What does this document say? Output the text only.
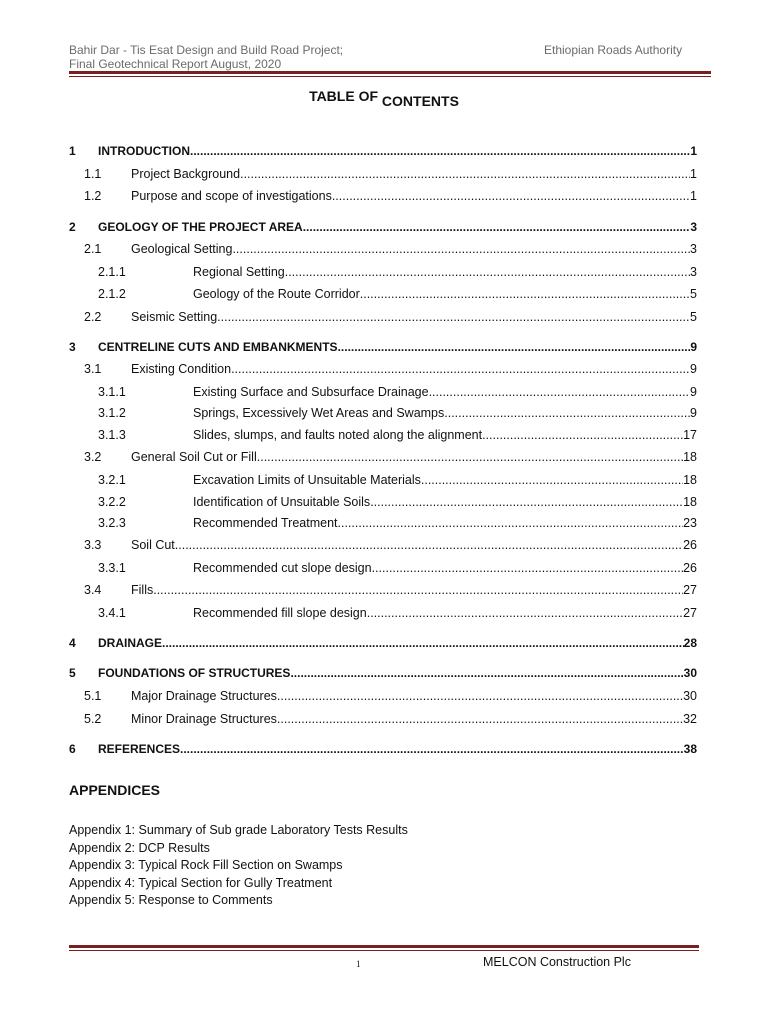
Bahir Dar - Tis Esat Design and Build Road Project;
Final Geotechnical Report August, 2020
Ethiopian Roads Authority
TABLE OF CONTENTS
1 INTRODUCTION .....	1
1.1 Project Background .....	1
1.2 Purpose and scope of investigations .....	1
2 GEOLOGY OF THE PROJECT AREA .....	3
2.1 Geological Setting .....	3
2.1.1	Regional Setting .....	3
2.1.2	Geology of the Route Corridor .....	5
2.2 Seismic Setting .....	5
3 CENTRELINE CUTS AND EMBANKMENTS .....	9
3.1 Existing Condition .....	9
3.1.1	Existing Surface and Subsurface Drainage .....	9
3.1.2	Springs, Excessively Wet Areas and Swamps .....	9
3.1.3	Slides, slumps, and faults noted along the alignment .....	17
3.2 General Soil Cut or Fill .....	18
3.2.1	Excavation Limits of Unsuitable Materials .....	18
3.2.2	Identification of Unsuitable Soils .....	18
3.2.3	Recommended Treatment .....	23
3.3 Soil Cut .....	26
3.3.1	Recommended cut slope design .....	26
3.4 Fills .....	27
3.4.1	Recommended fill slope design .....	27
4 DRAINAGE .....	28
5 FOUNDATIONS OF STRUCTURES .....	30
5.1 Major Drainage Structures .....	30
5.2 Minor Drainage Structures .....	32
6 REFERENCES .....	38
APPENDICES
Appendix 1: Summary of Sub grade Laboratory Tests Results
Appendix 2: DCP Results
Appendix 3: Typical Rock Fill Section on Swamps
Appendix 4: Typical Section for Gully Treatment
Appendix 5: Response to Comments
1	MELCON Construction Plc
